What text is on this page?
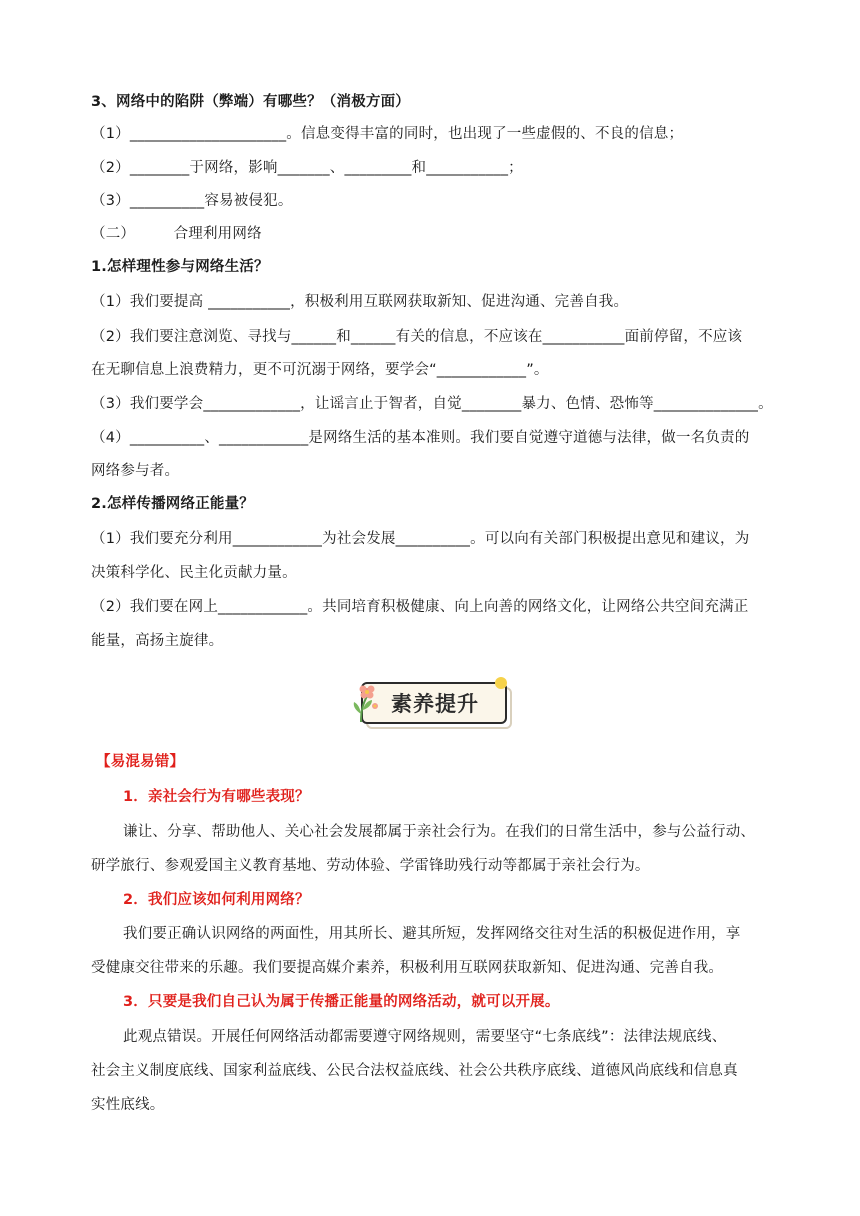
3、网络中的陷阱（弊端）有哪些？（消极方面）
（1）_____________________。信息变得丰富的同时，也出现了一些虚假的、不良的信息；
（2）________于网络，影响_______、_________和___________；
（3）__________容易被侵犯。
（二）        合理利用网络
1.怎样理性参与网络生活？
（1）我们要提高 ___________，积极利用互联网获取新知、促进沟通、完善自我。
（2）我们要注意浏览、寻找与______和______有关的信息，不应该在___________面前停留，不应该
在无聊信息上浪费精力，更不可沉溺于网络，要学会“____________”。
（3）我们要学会_____________，让谣言止于智者，自觉________暴力、色情、恐怖等______________。
（4）__________、____________是网络生活的基本准则。我们要自觉遵守道德与法律，做一名负责的
网络参与者。
2.怎样传播网络正能量？
（1）我们要充分利用____________为社会发展__________。可以向有关部门积极提出意见和建议，为
决策科学化、民主化贡献力量。
（2）我们要在网上____________。共同培育积极健康、向上向善的网络文化，让网络公共空间充满正
能量，高扬主旋律。
素养提升
【易混易错】
1．亲社会行为有哪些表现？
谦让、分享、帮助他人、关心社会发展都属于亲社会行为。在我们的日常生活中，参与公益行动、
研学旅行、参观爱国主义教育基地、劳动体验、学雷锋助残行动等都属于亲社会行为。
2．我们应该如何利用网络？
我们要正确认识网络的两面性，用其所长、避其所短，发挥网络交往对生活的积极促进作用，享
受健康交往带来的乐趣。我们要提高媒介素养，积极利用互联网获取新知、促进沟通、完善自我。
3．只要是我们自己认为属于传播正能量的网络活动，就可以开展。
此观点错误。开展任何网络活动都需要遵守网络规则，需要坚守“七条底线”：法律法规底线、
社会主义制度底线、国家利益底线、公民合法权益底线、社会公共秩序底线、道德风尚底线和信息真
实性底线。
